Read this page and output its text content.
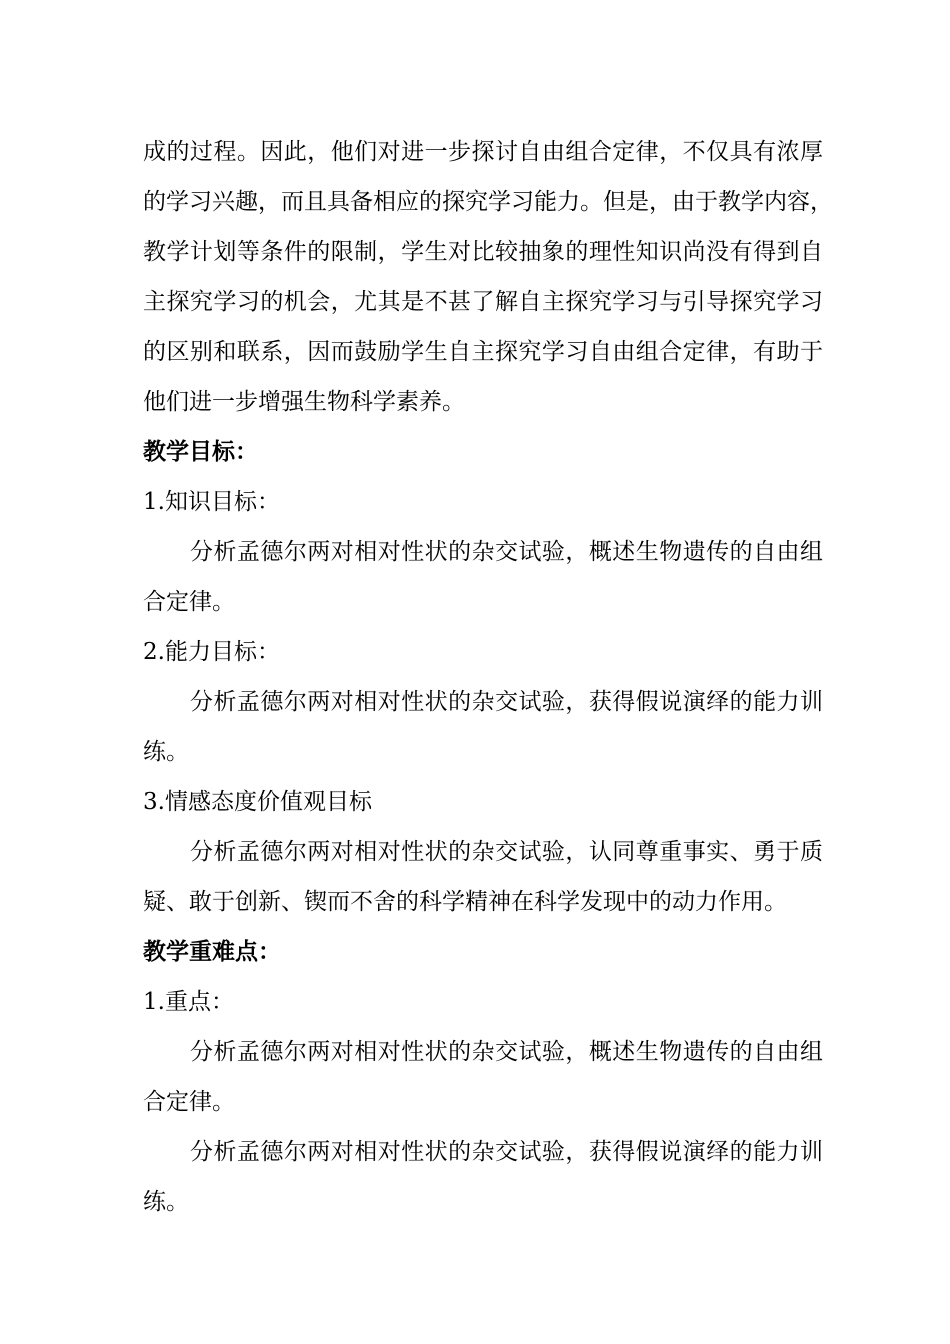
成的过程。因此，他们对进一步探讨自由组合定律，不仅具有浓厚
的学习兴趣，而且具备相应的探究学习能力。但是，由于教学内容，
教学计划等条件的限制，学生对比较抽象的理性知识尚没有得到自
主探究学习的机会，尤其是不甚了解自主探究学习与引导探究学习
的区别和联系，因而鼓励学生自主探究学习自由组合定律，有助于
他们进一步增强生物科学素养。
教学目标：
1.知识目标：
分析孟德尔两对相对性状的杂交试验，概述生物遗传的自由组
合定律。
2.能力目标：
分析孟德尔两对相对性状的杂交试验，获得假说演绎的能力训
练。
3.情感态度价值观目标
分析孟德尔两对相对性状的杂交试验，认同尊重事实、勇于质
疑、敢于创新、锲而不舍的科学精神在科学发现中的动力作用。
教学重难点：
1.重点：
分析孟德尔两对相对性状的杂交试验，概述生物遗传的自由组
合定律。
分析孟德尔两对相对性状的杂交试验，获得假说演绎的能力训
练。
